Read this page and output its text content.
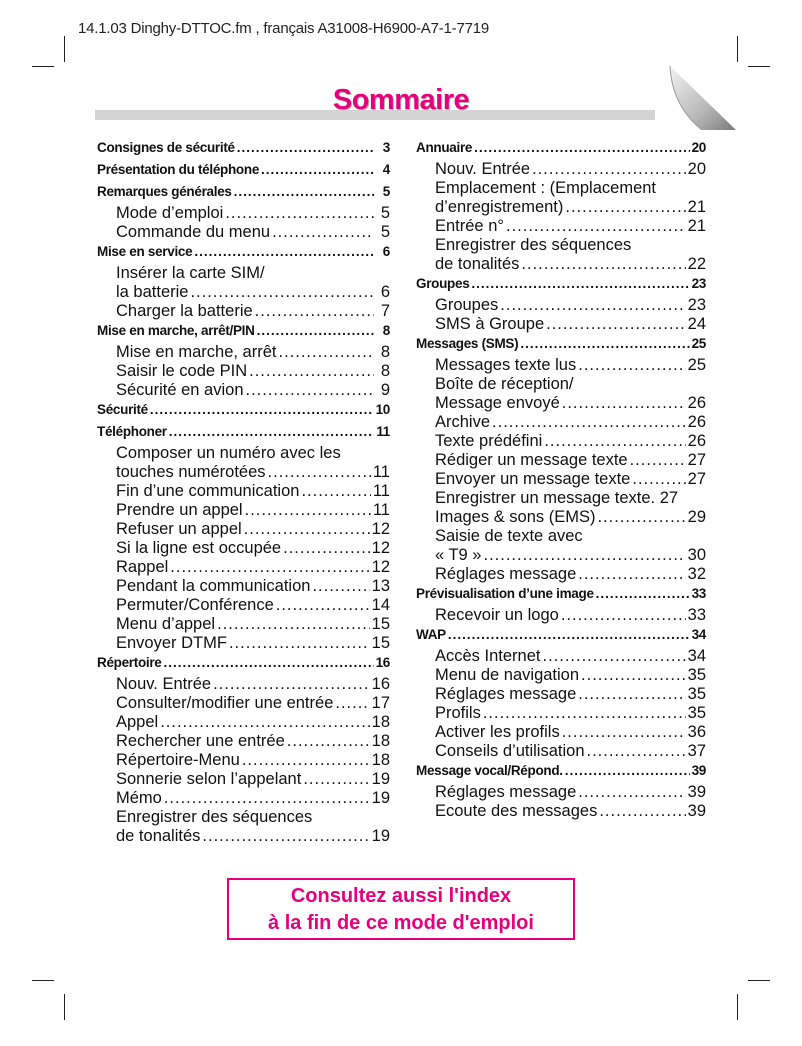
14.1.03 Dinghy-DTTOC.fm , français A31008-H6900-A7-1-7719
Sommaire
Consignes de sécurité .....	3
Présentation du téléphone .....	4
Remarques générales .....	5
Mode d’emploi .....	5
Commande du menu .....	5
Mise en service .....	6
Insérer la carte SIM/
la batterie .....	6
Charger la batterie .....	7
Mise en marche, arrêt/PIN .....	8
Mise en marche, arrêt .....	8
Saisir le code PIN .....	8
Sécurité en avion .....	9
Sécurité .....	10
Téléphoner .....	11
Composer un numéro avec les
touches numérotées .....	11
Fin d’une communication .....	11
Prendre un appel .....	11
Refuser un appel .....	12
Si la ligne est occupée .....	12
Rappel .....	12
Pendant la communication .....	13
Permuter/Conférence .....	14
Menu d’appel .....	15
Envoyer DTMF .....	15
Répertoire .....	16
Nouv. Entrée .....	16
Consulter/modifier une entrée ..... 17
Appel .....	18
Rechercher une entrée .....	18
Répertoire-Menu .....	18
Sonnerie selon l’appelant .....	19
Mémo .....	19
Enregistrer des séquences
de tonalités .....	19
Annuaire .....	20
Nouv. Entrée .....	20
Emplacement : (Emplacement
d’enregistrement) .....	21
Entrée n° .....	21
Enregistrer des séquences
de tonalités .....	22
Groupes .....	23
Groupes .....	23
SMS à Groupe .....	24
Messages (SMS) .....	25
Messages texte lus .....	25
Boîte de réception/
Message envoyé .....	26
Archive .....	26
Texte prédéfini .....	26
Rédiger un message texte .....	27
Envoyer un message texte .....	27
Enregistrer un message texte. 27
Images & sons (EMS) .....	29
Saisie de texte avec
« T9 » .....	30
Réglages message .....	32
Prévisualisation d’une image .....	33
Recevoir un logo .....	33
WAP .....	34
Accès Internet .....	34
Menu de navigation .....	35
Réglages message .....	35
Profils .....	35
Activer les profils .....	36
Conseils d’utilisation .....	37
Message vocal/Répond. .....	39
Réglages message .....	39
Ecoute des messages .....	39
Consultez aussi l'index
à la fin de ce mode d'emploi
